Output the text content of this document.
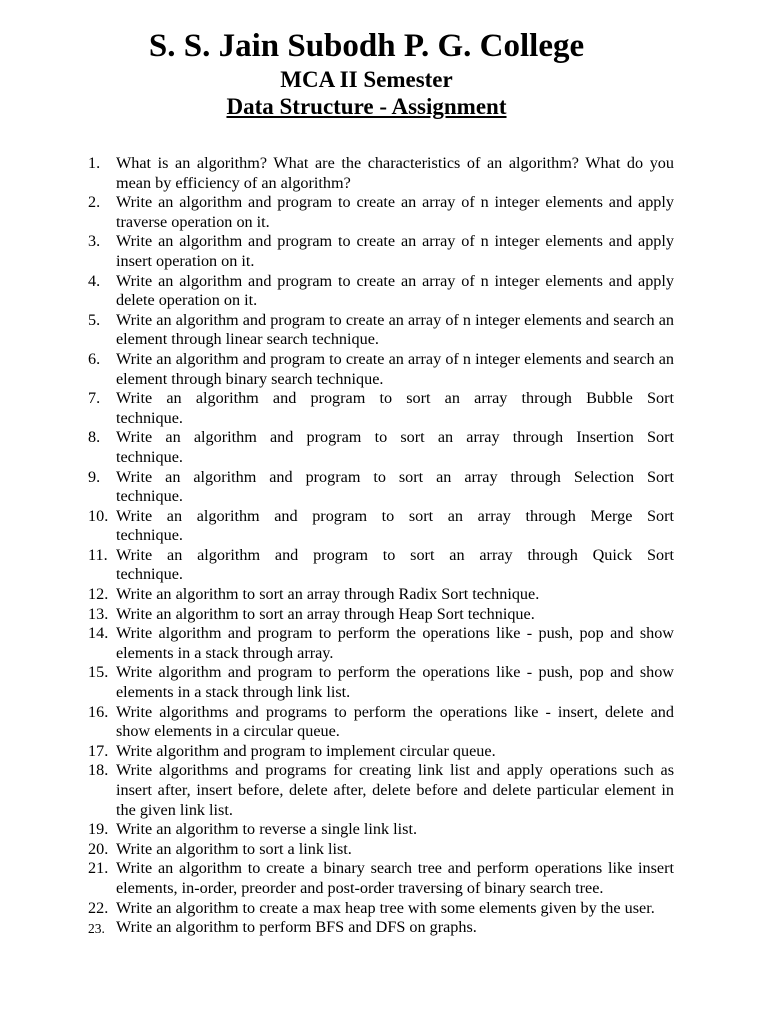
S. S. Jain Subodh P. G. College
MCA II Semester
Data Structure - Assignment
1. What is an algorithm? What are the characteristics of an algorithm? What do you mean by efficiency of an algorithm?
2. Write an algorithm and program to create an array of n integer elements and apply traverse operation on it.
3. Write an algorithm and program to create an array of n integer elements and apply insert operation on it.
4. Write an algorithm and program to create an array of n integer elements and apply delete operation on it.
5. Write an algorithm and program to create an array of n integer elements and search an element through linear search technique.
6. Write an algorithm and program to create an array of n integer elements and search an element through binary search technique.
7. Write an algorithm and program to sort an array through Bubble Sort technique.
8. Write an algorithm and program to sort an array through Insertion Sort technique.
9. Write an algorithm and program to sort an array through Selection Sort technique.
10. Write an algorithm and program to sort an array through Merge Sort technique.
11. Write an algorithm and program to sort an array through Quick Sort technique.
12. Write an algorithm to sort an array through Radix Sort technique.
13. Write an algorithm to sort an array through Heap Sort technique.
14. Write algorithm and program to perform the operations like - push, pop and show elements in a stack through array.
15. Write algorithm and program to perform the operations like - push, pop and show elements in a stack through link list.
16. Write algorithms and programs to perform the operations like - insert, delete and show elements in a circular queue.
17. Write algorithm and program to implement circular queue.
18. Write algorithms and programs for creating link list and apply operations such as insert after, insert before, delete after, delete before and delete particular element in the given link list.
19. Write an algorithm to reverse a single link list.
20. Write an algorithm to sort a link list.
21. Write an algorithm to create a binary search tree and perform operations like insert elements, in-order, preorder and post-order traversing of binary search tree.
22. Write an algorithm to create a max heap tree with some elements given by the user.
23. Write an algorithm to perform BFS and DFS on graphs.
